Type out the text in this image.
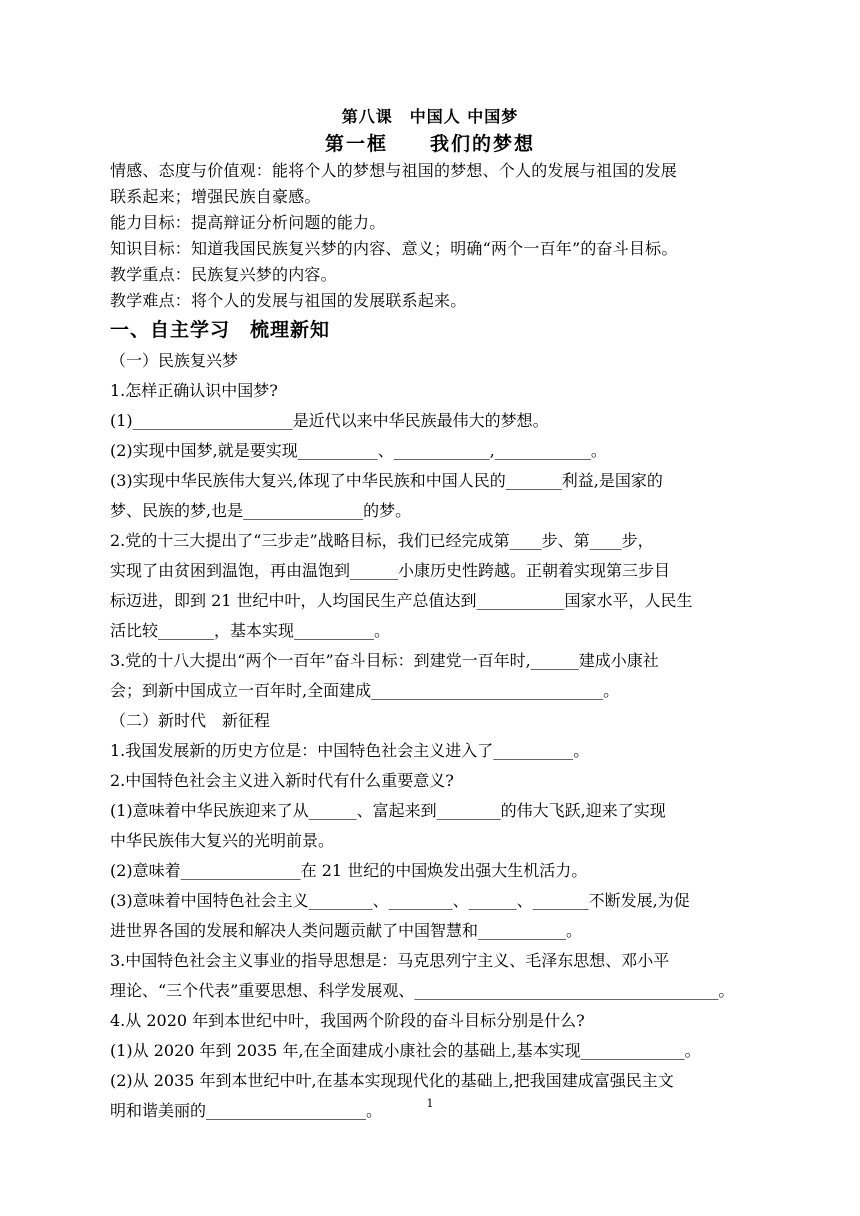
第八课　中国人 中国梦
第一框　　我们的梦想
情感、态度与价值观：能将个人的梦想与祖国的梦想、个人的发展与祖国的发展
联系起来；增强民族自豪感。
能力目标：提高辩证分析问题的能力。
知识目标：知道我国民族复兴梦的内容、意义；明确“两个一百年”的奋斗目标。
教学重点：民族复兴梦的内容。
教学难点：将个人的发展与祖国的发展联系起来。
一、自主学习　梳理新知
（一）民族复兴梦
1.怎样正确认识中国梦?
(1)____________________是近代以来中华民族最伟大的梦想。
(2)实现中国梦,就是要实现__________、____________,____________。
(3)实现中华民族伟大复兴,体现了中华民族和中国人民的_______利益,是国家的
梦、民族的梦,也是_______________的梦。
2.党的十三大提出了“三步走”战略目标，我们已经完成第____步、第____步，
实现了由贫困到温饱，再由温饱到______小康历史性跨越。正朝着实现第三步目
标迈进，即到 21 世纪中叶，人均国民生产总值达到___________国家水平，人民生
活比较_______，基本实现__________。
3.党的十八大提出“两个一百年”奋斗目标：到建党一百年时,______建成小康社
会；到新中国成立一百年时,全面建成_____________________________。
（二）新时代　新征程
1.我国发展新的历史方位是：中国特色社会主义进入了__________。
2.中国特色社会主义进入新时代有什么重要意义?
(1)意味着中华民族迎来了从______、富起来到________的伟大飞跃,迎来了实现
中华民族伟大复兴的光明前景。
(2)意味着_______________在 21 世纪的中国焕发出强大生机活力。
(3)意味着中国特色社会主义________、________、______、_______不断发展,为促
进世界各国的发展和解决人类问题贡献了中国智慧和___________。
3.中国特色社会主义事业的指导思想是：马克思列宁主义、毛泽东思想、邓小平
理论、“三个代表”重要思想、科学发展观、______________________________________。
4.从 2020 年到本世纪中叶，我国两个阶段的奋斗目标分别是什么?
(1)从 2020 年到 2035 年,在全面建成小康社会的基础上,基本实现_____________。
(2)从 2035 年到本世纪中叶,在基本实现现代化的基础上,把我国建成富强民主文
明和谐美丽的____________________。	1
